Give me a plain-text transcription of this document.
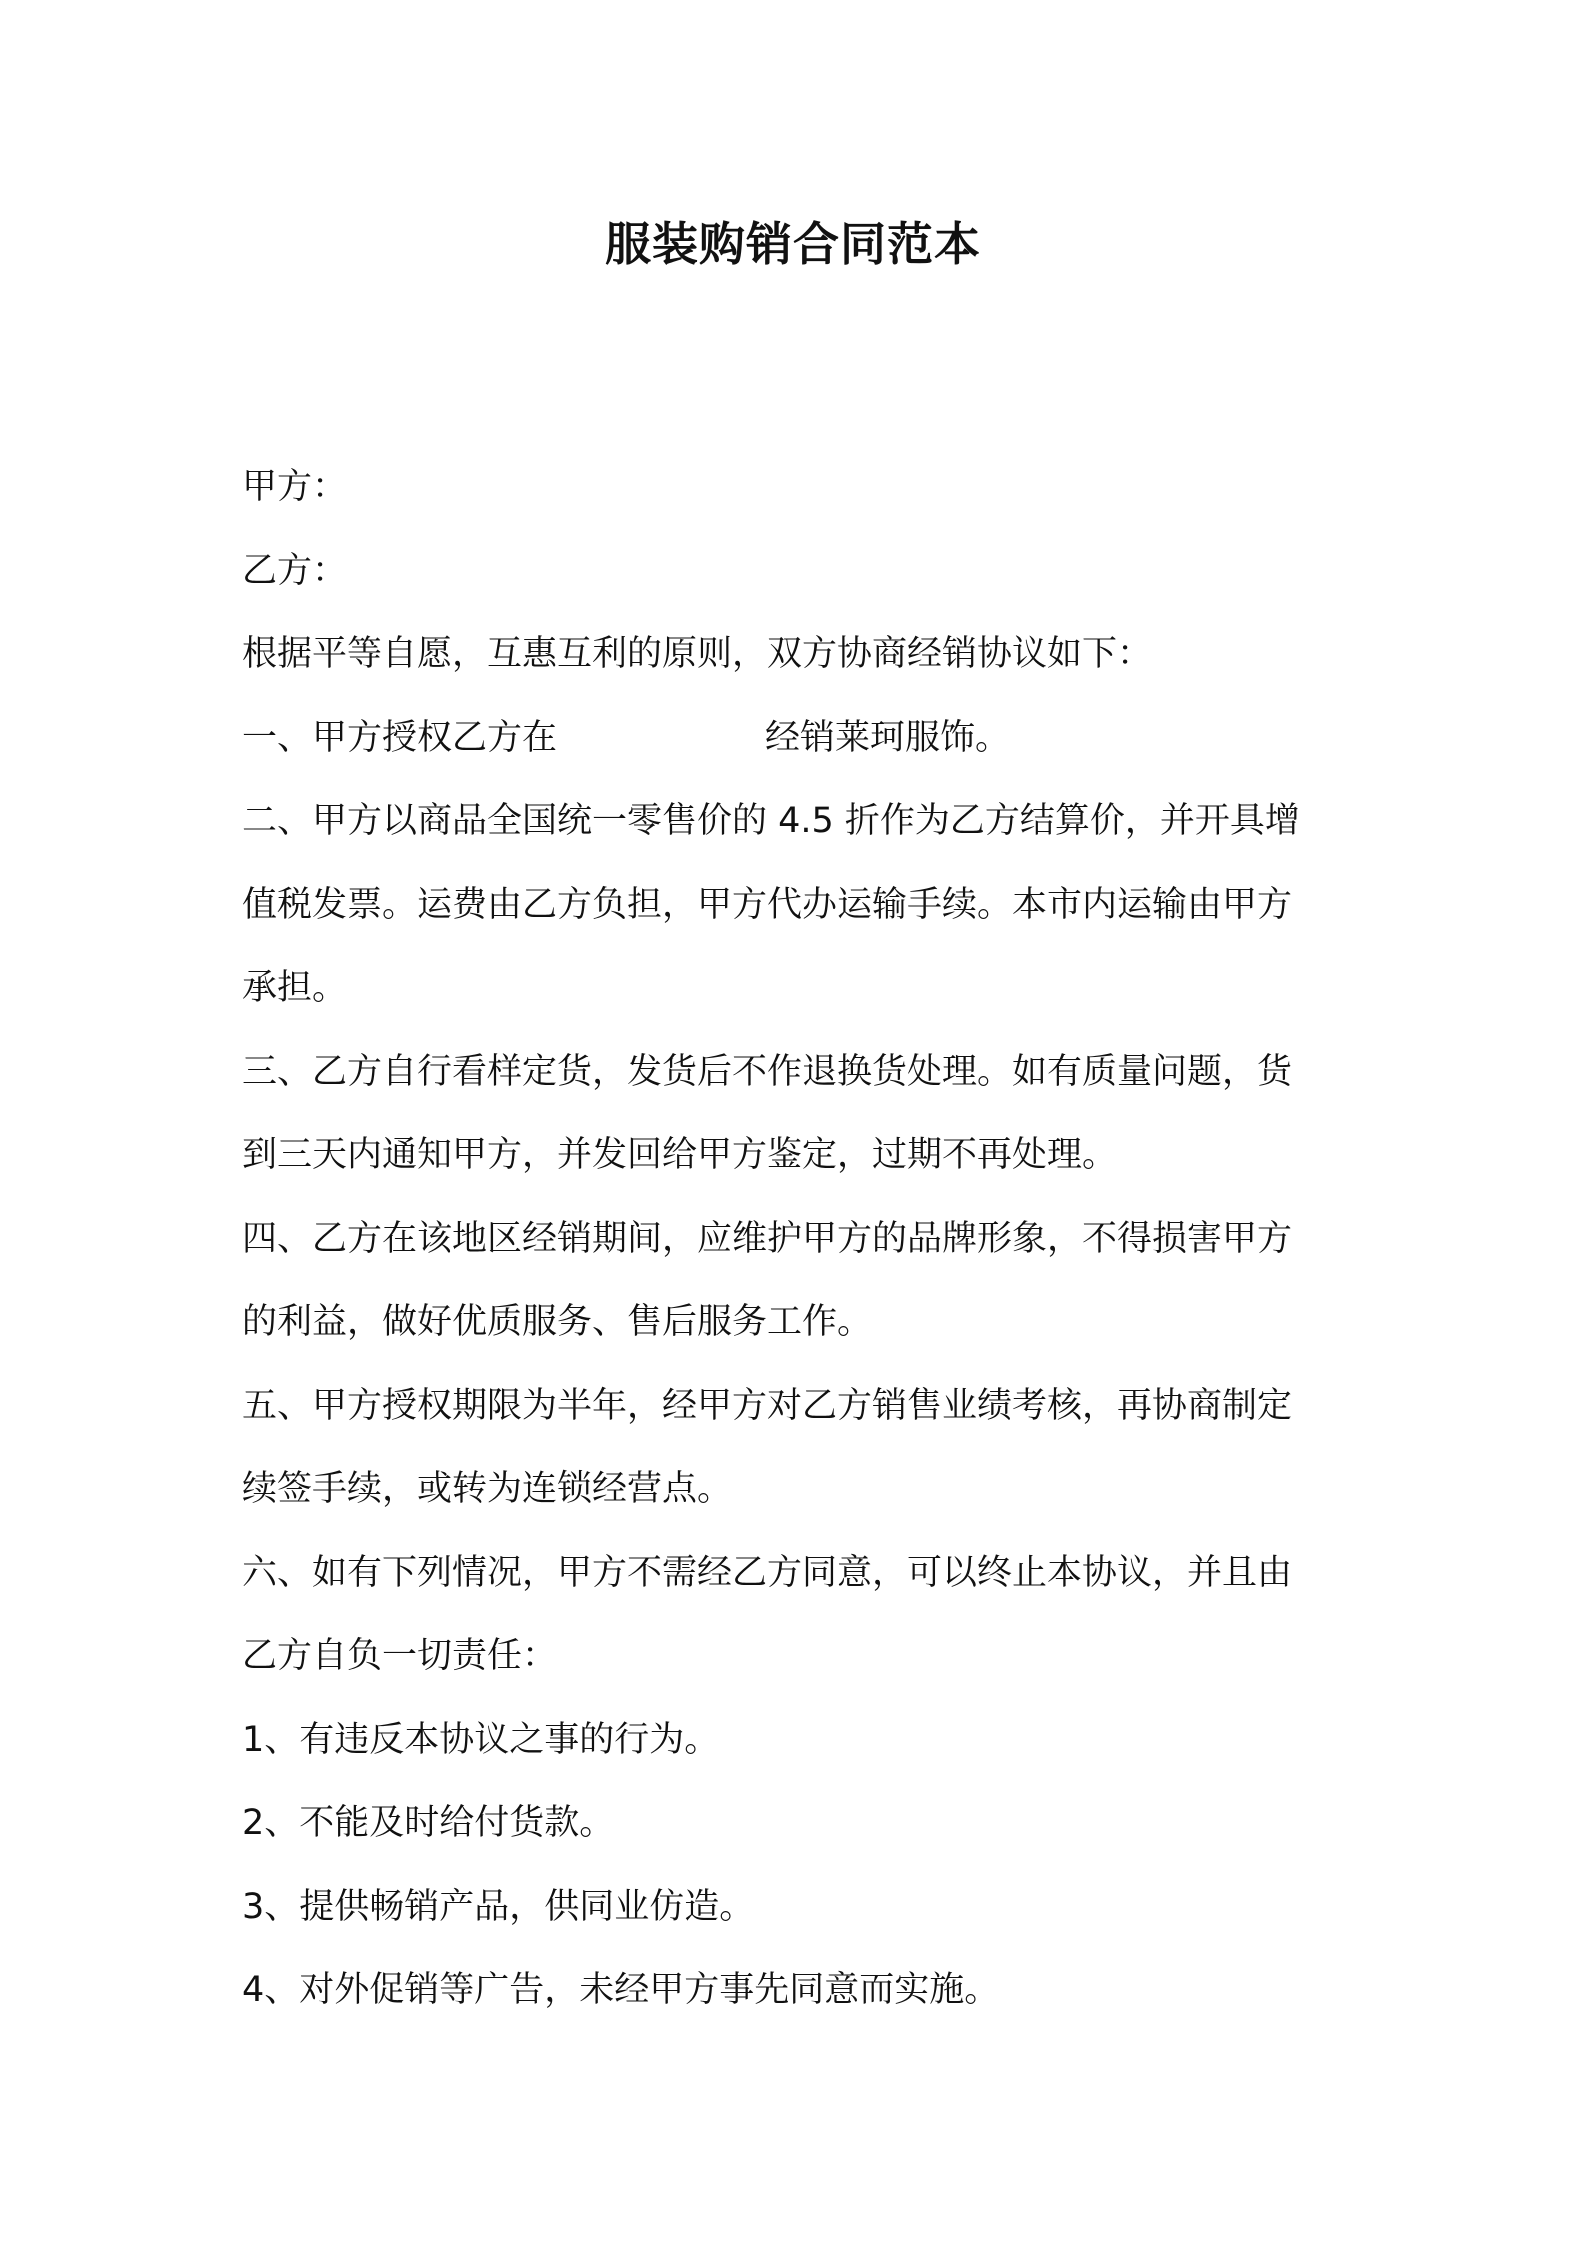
服装购销合同范本

甲方：

乙方：

根据平等自愿，互惠互利的原则，双方协商经销协议如下：

一、甲方授权乙方在	经销莱珂服饰。

二、甲方以商品全国统一零售价的 4.5 折作为乙方结算价，并开具增

值税发票。运费由乙方负担，甲方代办运输手续。本市内运输由甲方

承担。

三、乙方自行看样定货，发货后不作退换货处理。如有质量问题，货

到三天内通知甲方，并发回给甲方鉴定，过期不再处理。

四、乙方在该地区经销期间，应维护甲方的品牌形象，不得损害甲方

的利益，做好优质服务、售后服务工作。

五、甲方授权期限为半年，经甲方对乙方销售业绩考核，再协商制定

续签手续，或转为连锁经营点。

六、如有下列情况，甲方不需经乙方同意，可以终止本协议，并且由

乙方自负一切责任：

1、有违反本协议之事的行为。

2、不能及时给付货款。

3、提供畅销产品，供同业仿造。

4、对外促销等广告，未经甲方事先同意而实施。
